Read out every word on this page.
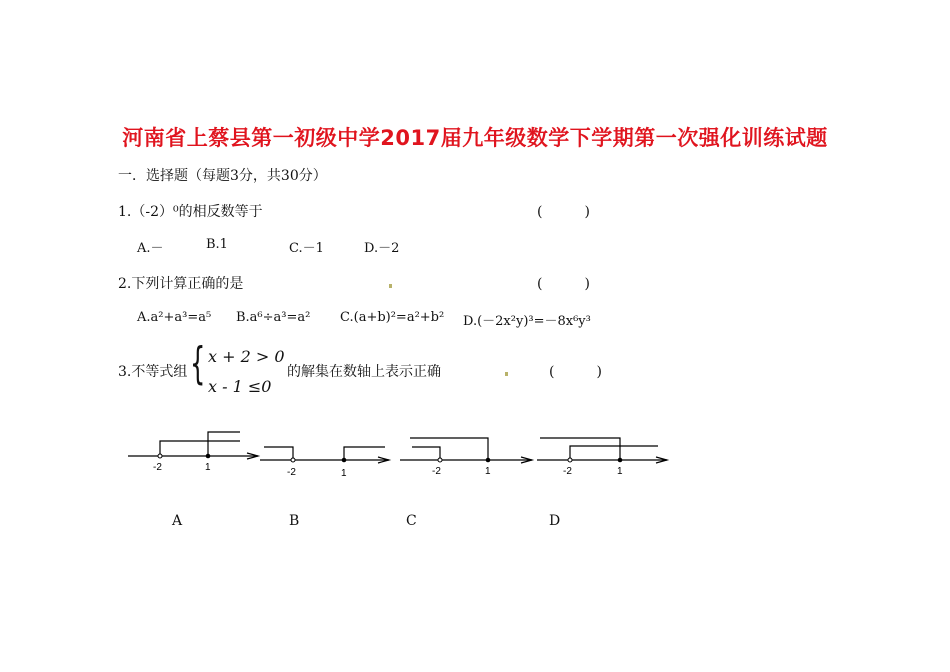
河南省上蔡县第一初级中学2017届九年级数学下学期第一次强化训练试题
一．选择题（每题3分，共30分）
1.（-2）⁰的相反数等于	(　　　)
A.－	B.1	C.－1	D.－2
2.下列计算正确的是	(　　　)
A.a²+a³=a⁵ B.a⁶÷a³=a² C.(a+b)²=a²+b² D.(－2x²y)³=－8x⁶y³
3.不等式组 { x + 2 > 0
x - 1 ≤0
的解集在数轴上表示正确	(　　　)
-2	1	-2	1	-2	1	-2	1
A	B	C	D
